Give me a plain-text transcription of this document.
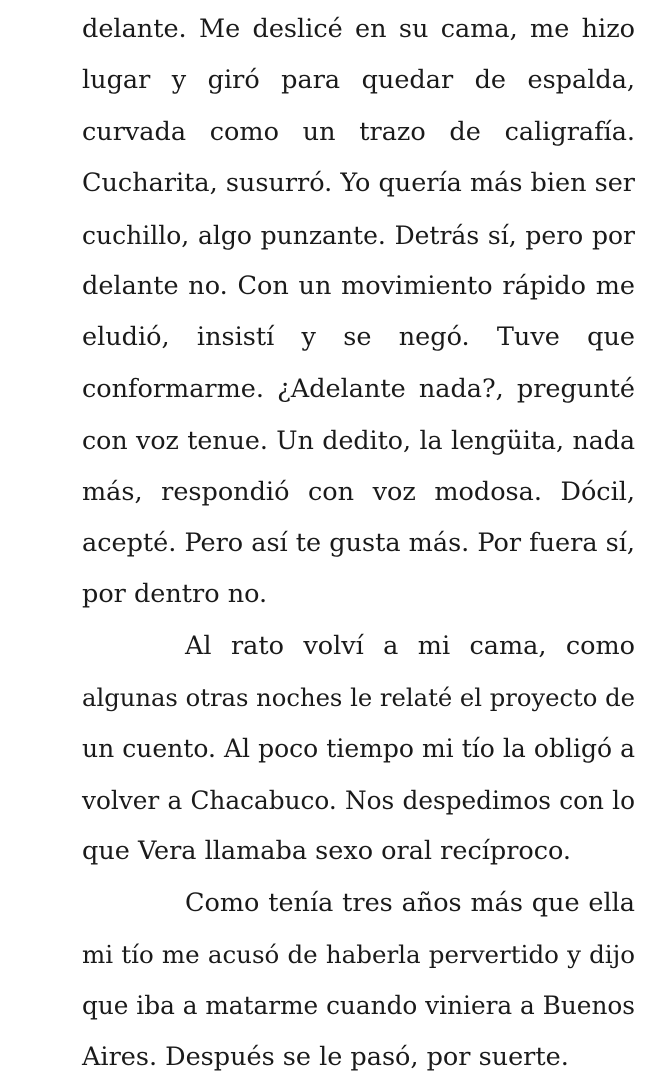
delante. Me deslicé en su cama, me hizo
lugar y giró para quedar de espalda,
curvada como un trazo de caligrafía.
Cucharita, susurró. Yo quería más bien ser
cuchillo, algo punzante. Detrás sí, pero por
delante no. Con un movimiento rápido me
eludió, insistí y se negó. Tuve que
conformarme. ¿Adelante nada?, pregunté
con voz tenue. Un dedito, la lengüita, nada
más, respondió con voz modosa. Dócil,
acepté. Pero así te gusta más. Por fuera sí,
por dentro no.
Al rato volví a mi cama, como
algunas otras noches le relaté el proyecto de
un cuento. Al poco tiempo mi tío la obligó a
volver a Chacabuco. Nos despedimos con lo
que Vera llamaba sexo oral recíproco.
Como tenía tres años más que ella
mi tío me acusó de haberla pervertido y dijo
que iba a matarme cuando viniera a Buenos
Aires. Después se le pasó, por suerte.
